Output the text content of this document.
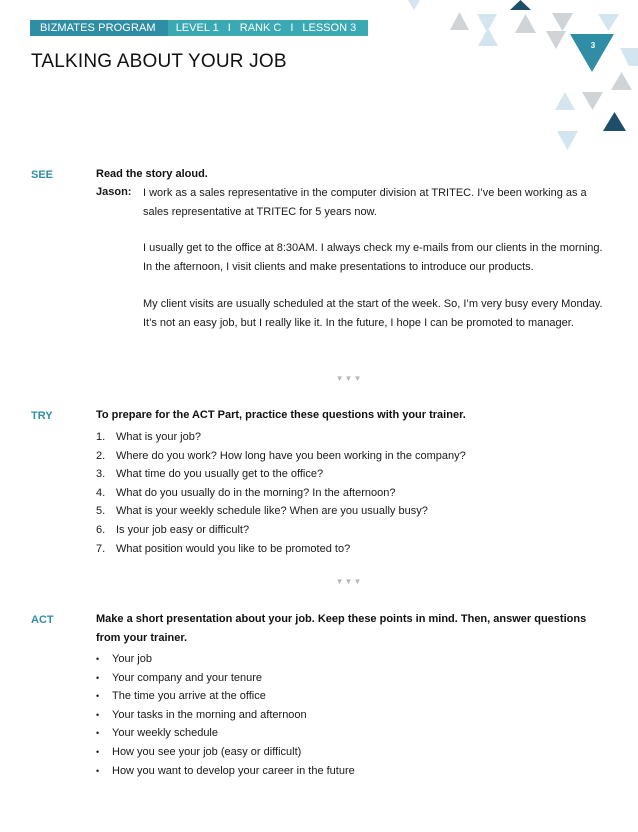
BIZMATES PROGRAM	LEVEL 1 I RANK C I LESSON 3
3
TALKING ABOUT YOUR JOB
SEE	Read the story aloud.
Jason: I work as a sales representative in the computer division at TRITEC. I’ve been working as a sales representative at TRITEC for 5 years now.

I usually get to the office at 8:30AM. I always check my e-mails from our clients in the morning. In the afternoon, I visit clients and make presentations to introduce our products.

My client visits are usually scheduled at the start of the week. So, I’m very busy every Monday. It’s not an easy job, but I really like it. In the future, I hope I can be promoted to manager.

▼▼▼
TRY	To prepare for the ACT Part, practice these questions with your trainer.
1. What is your job?
2. Where do you work? How long have you been working in the company?
3. What time do you usually get to the office?
4. What do you usually do in the morning? In the afternoon?
5. What is your weekly schedule like? When are you usually busy?
6. Is your job easy or difficult?
7. What position would you like to be promoted to?
▼▼▼
ACT	Make a short presentation about your job. Keep these points in mind. Then, answer questions from your trainer.
• Your job
• Your company and your tenure
• The time you arrive at the office
• Your tasks in the morning and afternoon
• Your weekly schedule
• How you see your job (easy or difficult)
• How you want to develop your career in the future
